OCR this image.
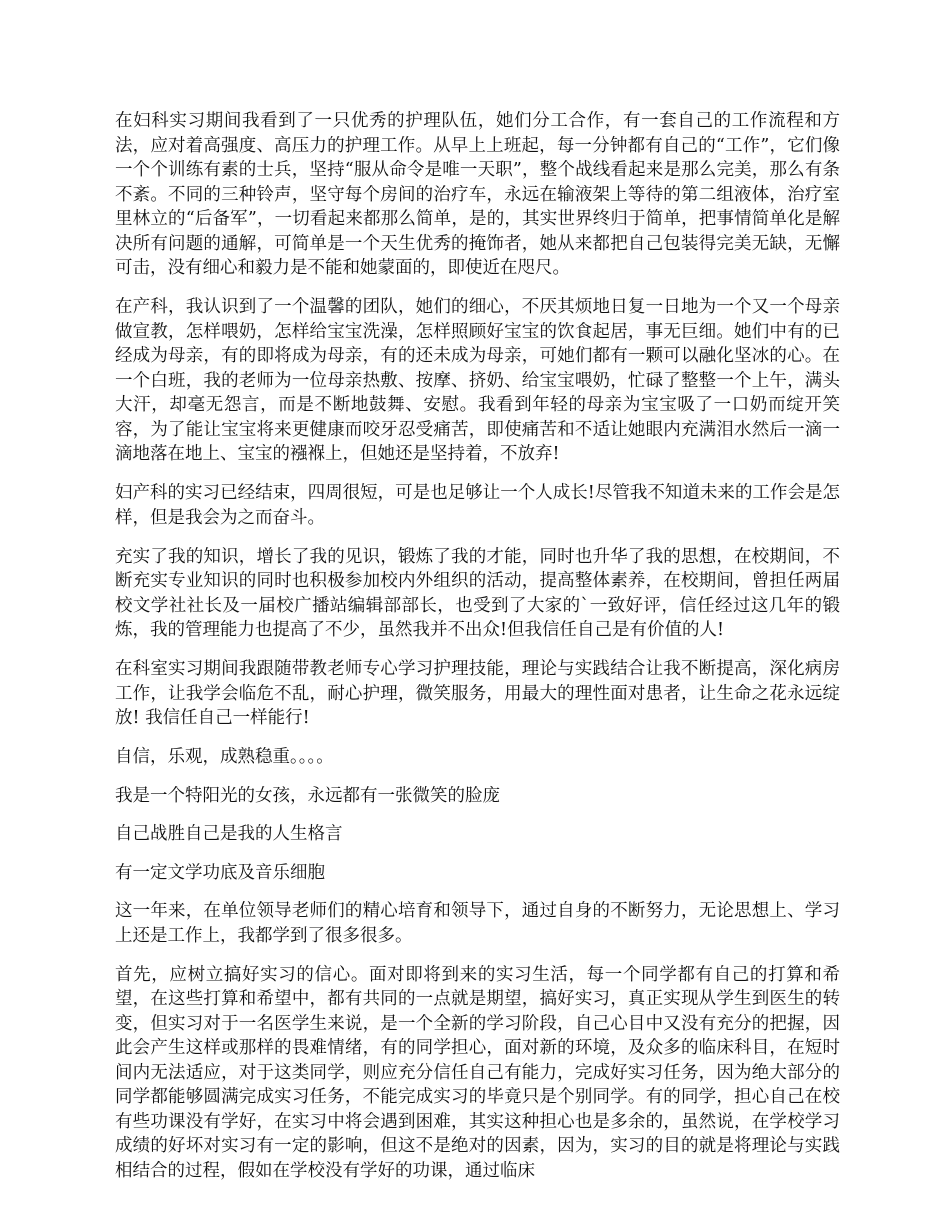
在妇科实习期间我看到了一只优秀的护理队伍，她们分工合作，有一套自己的工作流程和方法，应对着高强度、高压力的护理工作。从早上上班起，每一分钟都有自己的“工作”，它们像一个个训练有素的士兵，坚持“服从命令是唯一天职”，整个战线看起来是那么完美，那么有条不紊。不同的三种铃声，坚守每个房间的治疗车，永远在输液架上等待的第二组液体，治疗室里林立的“后备军”，一切看起来都那么简单，是的，其实世界终归于简单，把事情简单化是解决所有问题的通解，可简单是一个天生优秀的掩饰者，她从来都把自己包装得完美无缺，无懈可击，没有细心和毅力是不能和她蒙面的，即使近在咫尺。

在产科，我认识到了一个温馨的团队，她们的细心，不厌其烦地日复一日地为一个又一个母亲做宣教，怎样喂奶，怎样给宝宝洗澡，怎样照顾好宝宝的饮食起居，事无巨细。她们中有的已经成为母亲，有的即将成为母亲，有的还未成为母亲，可她们都有一颗可以融化坚冰的心。在一个白班，我的老师为一位母亲热敷、按摩、挤奶、给宝宝喂奶，忙碌了整整一个上午，满头大汗，却毫无怨言，而是不断地鼓舞、安慰。我看到年轻的母亲为宝宝吸了一口奶而绽开笑容，为了能让宝宝将来更健康而咬牙忍受痛苦，即使痛苦和不适让她眼内充满泪水然后一滴一滴地落在地上、宝宝的襁褓上，但她还是坚持着，不放弃!

妇产科的实习已经结束，四周很短，可是也足够让一个人成长!尽管我不知道未来的工作会是怎样，但是我会为之而奋斗。

充实了我的知识，增长了我的见识，锻炼了我的才能，同时也升华了我的思想，在校期间，不断充实专业知识的同时也积极参加校内外组织的活动，提高整体素养，在校期间，曾担任两届校文学社社长及一届校广播站编辑部部长，也受到了大家的`一致好评，信任经过这几年的锻炼，我的管理能力也提高了不少，虽然我并不出众!但我信任自己是有价值的人!

在科室实习期间我跟随带教老师专心学习护理技能，理论与实践结合让我不断提高，深化病房工作，让我学会临危不乱，耐心护理，微笑服务，用最大的理性面对患者，让生命之花永远绽放! 我信任自己一样能行!

自信，乐观，成熟稳重。。。。

我是一个特阳光的女孩，永远都有一张微笑的脸庞

自己战胜自己是我的人生格言

有一定文学功底及音乐细胞

这一年来，在单位领导老师们的精心培育和领导下，通过自身的不断努力，无论思想上、学习上还是工作上，我都学到了很多很多。

首先，应树立搞好实习的信心。面对即将到来的实习生活，每一个同学都有自己的打算和希望，在这些打算和希望中，都有共同的一点就是期望，搞好实习，真正实现从学生到医生的转变，但实习对于一名医学生来说，是一个全新的学习阶段，自己心目中又没有充分的把握，因此会产生这样或那样的畏难情绪，有的同学担心，面对新的环境，及众多的临床科目，在短时间内无法适应，对于这类同学，则应充分信任自己有能力，完成好实习任务，因为绝大部分的同学都能够圆满完成实习任务，不能完成实习的毕竟只是个别同学。有的同学，担心自己在校有些功课没有学好，在实习中将会遇到困难，其实这种担心也是多余的，虽然说，在学校学习成绩的好坏对实习有一定的影响，但这不是绝对的因素，因为，实习的目的就是将理论与实践相结合的过程，假如在学校没有学好的功课，通过临床
